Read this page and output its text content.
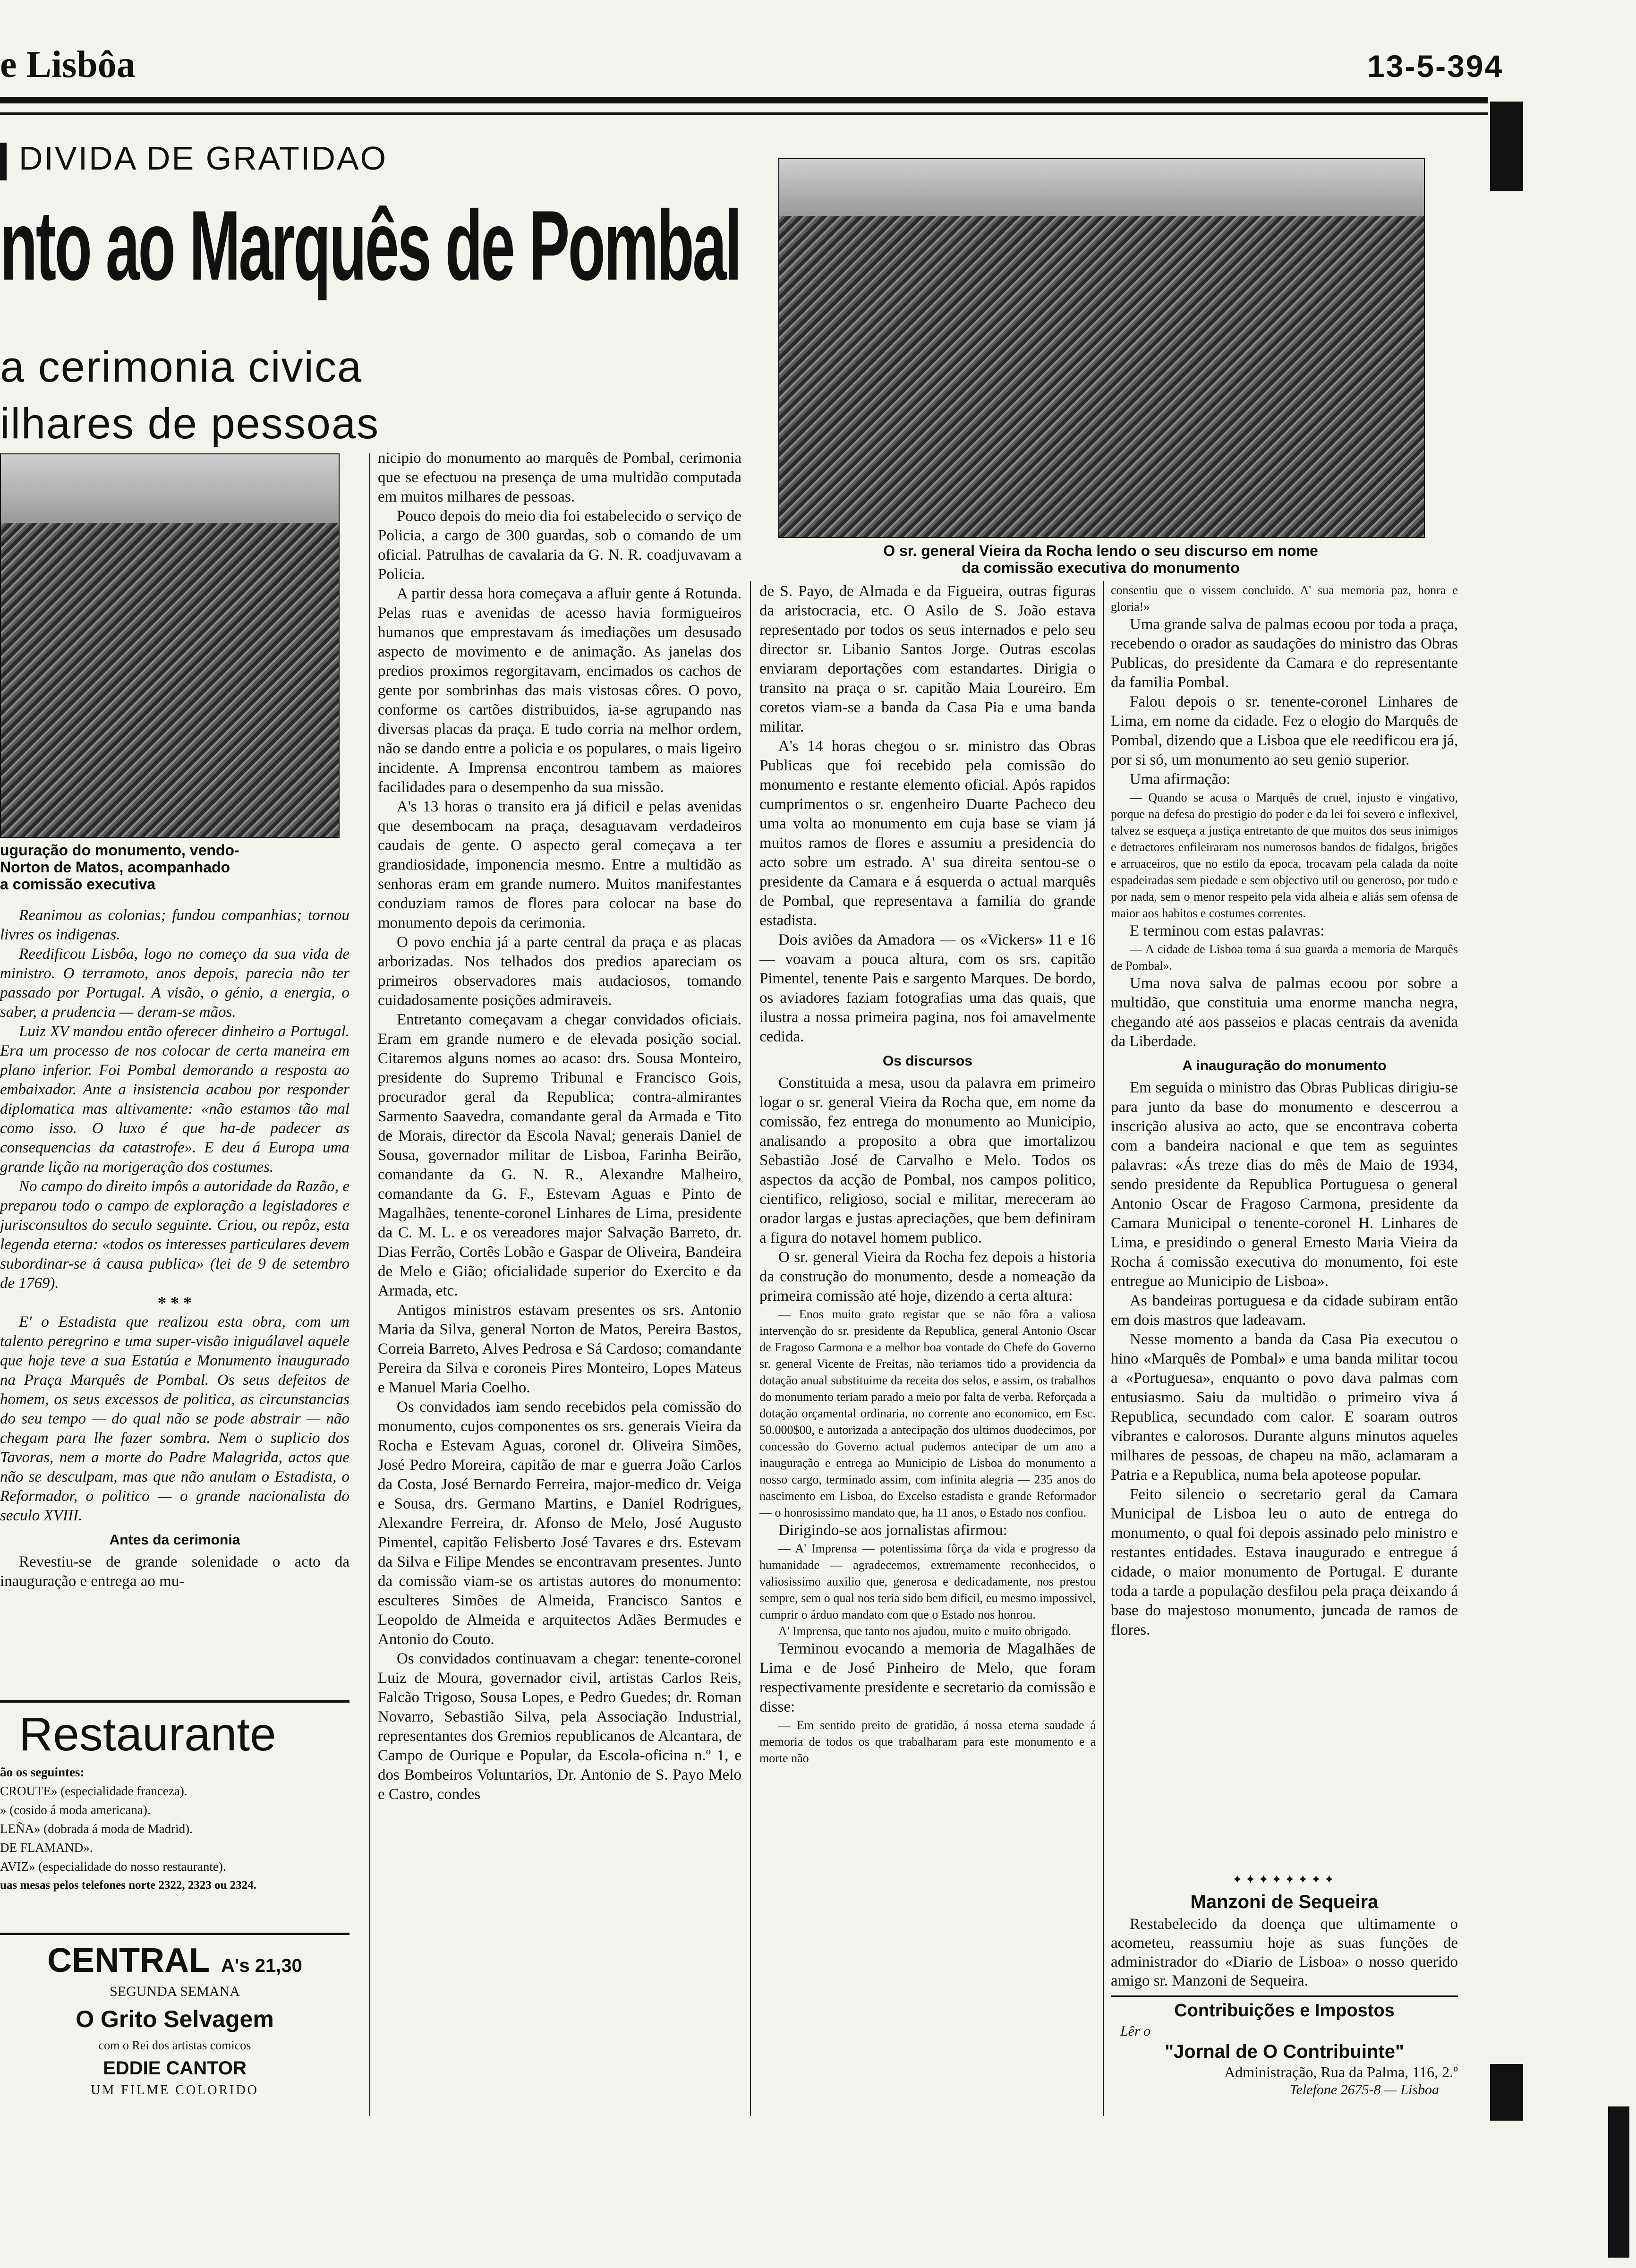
e Lisbôa	13-5-394
DIVIDA DE GRATIDAO
nto ao Marquês de Pombal
a cerimonia civica
ilhares de pessoas
uguração do monumento, vendo-
Norton de Matos, acompanhado
a comissão executiva
O sr. general Vieira da Rocha lendo o seu discurso em nome
da comissão executiva do monumento

Reanimou as colonias; fundou companhias; tornou livres os indigenas.

Reedificou Lisbôa, logo no começo da sua vida de ministro. O terramoto, anos depois, parecia não ter passado por Portugal. A visão, o génio, a energia, o saber, a prudencia — deram-se mãos.

Luiz XV mandou então oferecer dinheiro a Portugal. Era um processo de nos colocar de certa maneira em plano inferior. Foi Pombal demorando a resposta ao embaixador. Ante a insistencia acabou por responder diplomatica mas altivamente: «não estamos tão mal como isso. O luxo é que ha-de padecer as consequencias da catastrofe». E deu á Europa uma grande lição na morigeração dos costumes.

No campo do direito impôs a autoridade da Razão, e preparou todo o campo de exploração a legisladores e jurisconsultos do seculo seguinte. Criou, ou repôz, esta legenda eterna: «todos os interesses particulares devem subordinar-se á causa publica» (lei de 9 de setembro de 1769).

* * *

E' o Estadista que realizou esta obra, com um talento peregrino e uma super-visão iniguálavel aquele que hoje teve a sua Estatúa e Monumento inaugurado na Praça Marquês de Pombal. Os seus defeitos de homem, os seus excessos de politica, as circunstancias do seu tempo — do qual não se pode abstrair — não chegam para lhe fazer sombra. Nem o suplicio dos Tavoras, nem a morte do Padre Malagrida, actos que não se desculpam, mas que não anulam o Estadista, o Reformador, o politico — o grande nacionalista do seculo XVIII.

Antes da cerimonia

Revestiu-se de grande solenidade o acto da inauguração e entrega ao mu-

Restaurante
ão os seguintes:
CROUTE» (especialidade franceza).
» (cosido á moda americana).
LEÑA» (dobrada á moda de Madrid).
DE FLAMAND».
AVIZ» (especialidade do nosso restaurante).
uas mesas pelos telefones norte 2322, 2323 ou 2324.
CENTRAL A's 21,30
SEGUNDA SEMANA
O Grito Selvagem
com o Rei dos artistas comicos
EDDIE CANTOR
UM FILME COLORIDO

nicipio do monumento ao marquês de Pombal, cerimonia que se efectuou na presença de uma multidão computada em muitos milhares de pessoas.

Pouco depois do meio dia foi estabelecido o serviço de Policia, a cargo de 300 guardas, sob o comando de um oficial. Patrulhas de cavalaria da G. N. R. coadjuvavam a Policia.

A partir dessa hora começava a afluir gente á Rotunda. Pelas ruas e avenidas de acesso havia formigueiros humanos que emprestavam ás imediações um desusado aspecto de movimento e de animação. As janelas dos predios proximos regorgitavam, encimados os cachos de gente por sombrinhas das mais vistosas côres. O povo, conforme os cartões distribuidos, ia-se agrupando nas diversas placas da praça. E tudo corria na melhor ordem, não se dando entre a policia e os populares, o mais ligeiro incidente. A Imprensa encontrou tambem as maiores facilidades para o desempenho da sua missão.

A's 13 horas o transito era já dificil e pelas avenidas que desembocam na praça, desaguavam verdadeiros caudais de gente. O aspecto geral começava a ter grandiosidade, imponencia mesmo. Entre a multidão as senhoras eram em grande numero. Muitos manifestantes conduziam ramos de flores para colocar na base do monumento depois da cerimonia.

O povo enchia já a parte central da praça e as placas arborizadas. Nos telhados dos predios apareciam os primeiros observadores mais audaciosos, tomando cuidadosamente posições admiraveis.

Entretanto começavam a chegar convidados oficiais. Eram em grande numero e de elevada posição social. Citaremos alguns nomes ao acaso: drs. Sousa Monteiro, presidente do Supremo Tribunal e Francisco Gois, procurador geral da Republica; contra-almirantes Sarmento Saavedra, comandante geral da Armada e Tito de Morais, director da Escola Naval; generais Daniel de Sousa, governador militar de Lisboa, Farinha Beirão, comandante da G. N. R., Alexandre Malheiro, comandante da G. F., Estevam Aguas e Pinto de Magalhães, tenente-coronel Linhares de Lima, presidente da C. M. L. e os vereadores major Salvação Barreto, dr. Dias Ferrão, Cortês Lobão e Gaspar de Oliveira, Bandeira de Melo e Gião; oficialidade superior do Exercito e da Armada, etc.

Antigos ministros estavam presentes os srs. Antonio Maria da Silva, general Norton de Matos, Pereira Bastos, Correia Barreto, Alves Pedrosa e Sá Cardoso; comandante Pereira da Silva e coroneis Pires Monteiro, Lopes Mateus e Manuel Maria Coelho.

Os convidados iam sendo recebidos pela comissão do monumento, cujos componentes os srs. generais Vieira da Rocha e Estevam Aguas, coronel dr. Oliveira Simões, José Pedro Moreira, capitão de mar e guerra João Carlos da Costa, José Bernardo Ferreira, major-medico dr. Veiga e Sousa, drs. Germano Martins, e Daniel Rodrigues, Alexandre Ferreira, dr. Afonso de Melo, José Augusto Pimentel, capitão Felisberto José Tavares e drs. Estevam da Silva e Filipe Mendes se encontravam presentes. Junto da comissão viam-se os artistas autores do monumento: esculteres Simões de Almeida, Francisco Santos e Leopoldo de Almeida e arquitectos Adães Bermudes e Antonio do Couto.

Os convidados continuavam a chegar: tenente-coronel Luiz de Moura, governador civil, artistas Carlos Reis, Falcão Trigoso, Sousa Lopes, e Pedro Guedes; dr. Roman Novarro, Sebastião Silva, pela Associação Industrial, representantes dos Gremios republicanos de Alcantara, de Campo de Ourique e Popular, da Escola-oficina n.º 1, e dos Bombeiros Voluntarios, Dr. Antonio de S. Payo Melo e Castro, condes

de S. Payo, de Almada e da Figueira, outras figuras da aristocracia, etc. O Asilo de S. João estava representado por todos os seus internados e pelo seu director sr. Libanio Santos Jorge. Outras escolas enviaram deportações com estandartes. Dirigia o transito na praça o sr. capitão Maia Loureiro. Em coretos viam-se a banda da Casa Pia e uma banda militar.

A's 14 horas chegou o sr. ministro das Obras Publicas que foi recebido pela comissão do monumento e restante elemento oficial. Após rapidos cumprimentos o sr. engenheiro Duarte Pacheco deu uma volta ao monumento em cuja base se viam já muitos ramos de flores e assumiu a presidencia do acto sobre um estrado. A' sua direita sentou-se o presidente da Camara e á esquerda o actual marquês de Pombal, que representava a familia do grande estadista.

Dois aviões da Amadora — os «Vickers» 11 e 16 — voavam a pouca altura, com os srs. capitão Pimentel, tenente Pais e sargento Marques. De bordo, os aviadores faziam fotografias uma das quais, que ilustra a nossa primeira pagina, nos foi amavelmente cedida.

Os discursos

Constituida a mesa, usou da palavra em primeiro logar o sr. general Vieira da Rocha que, em nome da comissão, fez entrega do monumento ao Municipio, analisando a proposito a obra que imortalizou Sebastião José de Carvalho e Melo. Todos os aspectos da acção de Pombal, nos campos politico, cientifico, religioso, social e militar, mereceram ao orador largas e justas apreciações, que bem definiram a figura do notavel homem publico.

O sr. general Vieira da Rocha fez depois a historia da construção do monumento, desde a nomeação da primeira comissão até hoje, dizendo a certa altura:

— Enos muito grato registar que se não fôra a valiosa intervenção do sr. presidente da Republica, general Antonio Oscar de Fragoso Carmona e a melhor boa vontade do Chefe do Governo sr. general Vicente de Freitas, não teriamos tido a providencia da dotação anual substituime da receita dos selos, e assim, os trabalhos do monumento teriam parado a meio por falta de verba. Reforçada a dotação orçamental ordinaria, no corrente ano economico, em Esc. 50.000$00, e autorizada a antecipação dos ultimos duodecimos, por concessão do Governo actual pudemos antecipar de um ano a inauguração e entrega ao Municipio de Lisboa do monumento a nosso cargo, terminado assim, com infinita alegria — 235 anos do nascimento em Lisboa, do Excelso estadista e grande Reformador — o honrosissimo mandato que, ha 11 anos, o Estado nos confiou.

Dirigindo-se aos jornalistas afirmou:

— A' Imprensa — potentissima fôrça da vida e progresso da humanidade — agradecemos, extremamente reconhecidos, o valiosissimo auxilio que, generosa e dedicadamente, nos prestou sempre, sem o qual nos teria sido bem dificil, eu mesmo impossivel, cumprir o árduo mandato com que o Estado nos honrou.

A' Imprensa, que tanto nos ajudou, muito e muito obrigado.

Terminou evocando a memoria de Magalhães de Lima e de José Pinheiro de Melo, que foram respectivamente presidente e secretario da comissão e disse:

— Em sentido preito de gratidão, á nossa eterna saudade á memoria de todos os que trabalharam para este monumento e a morte não

consentiu que o vissem concluido. A' sua memoria paz, honra e gloria!»

Uma grande salva de palmas ecoou por toda a praça, recebendo o orador as saudações do ministro das Obras Publicas, do presidente da Camara e do representante da familia Pombal.

Falou depois o sr. tenente-coronel Linhares de Lima, em nome da cidade. Fez o elogio do Marquês de Pombal, dizendo que a Lisboa que ele reedificou era já, por si só, um monumento ao seu genio superior.

Uma afirmação:

— Quando se acusa o Marquês de cruel, injusto e vingativo, porque na defesa do prestigio do poder e da lei foi severo e inflexivel, talvez se esqueça a justiça entretanto de que muitos dos seus inimigos e detractores enfileiraram nos numerosos bandos de fidalgos, brigões e arruaceiros, que no estilo da epoca, trocavam pela calada da noite espadeiradas sem piedade e sem objectivo util ou generoso, por tudo e por nada, sem o menor respeito pela vida alheia e aliás sem ofensa de maior aos habitos e costumes correntes.

E terminou com estas palavras:

— A cidade de Lisboa toma á sua guarda a memoria de Marquês de Pombal».

Uma nova salva de palmas ecoou por sobre a multidão, que constituia uma enorme mancha negra, chegando até aos passeios e placas centrais da avenida da Liberdade.

A inauguração do monumento

Em seguida o ministro das Obras Publicas dirigiu-se para junto da base do monumento e descerrou a inscrição alusiva ao acto, que se encontrava coberta com a bandeira nacional e que tem as seguintes palavras: «Ás treze dias do mês de Maio de 1934, sendo presidente da Republica Portuguesa o general Antonio Oscar de Fragoso Carmona, presidente da Camara Municipal o tenente-coronel H. Linhares de Lima, e presidindo o general Ernesto Maria Vieira da Rocha á comissão executiva do monumento, foi este entregue ao Municipio de Lisboa».

As bandeiras portuguesa e da cidade subiram então em dois mastros que ladeavam.

Nesse momento a banda da Casa Pia executou o hino «Marquês de Pombal» e uma banda militar tocou a «Portuguesa», enquanto o povo dava palmas com entusiasmo. Saiu da multidão o primeiro viva á Republica, secundado com calor. E soaram outros vibrantes e calorosos. Durante alguns minutos aqueles milhares de pessoas, de chapeu na mão, aclamaram a Patria e a Republica, numa bela apoteose popular.

Feito silencio o secretario geral da Camara Municipal de Lisboa leu o auto de entrega do monumento, o qual foi depois assinado pelo ministro e restantes entidades. Estava inaugurado e entregue á cidade, o maior monumento de Portugal. E durante toda a tarde a população desfilou pela praça deixando á base do majestoso monumento, juncada de ramos de flores.

✦✦✦✦✦✦✦✦
Manzoni de Sequeira
Restabelecido da doença que ultimamente o acometeu, reassumiu hoje as suas funções de administrador do «Diario de Lisboa» o nosso querido amigo sr. Manzoni de Sequeira.
Contribuições e Impostos
Lêr o
"Jornal de O Contribuinte"
Administração, Rua da Palma, 116, 2.º
Telefone 2675-8 — Lisboa
